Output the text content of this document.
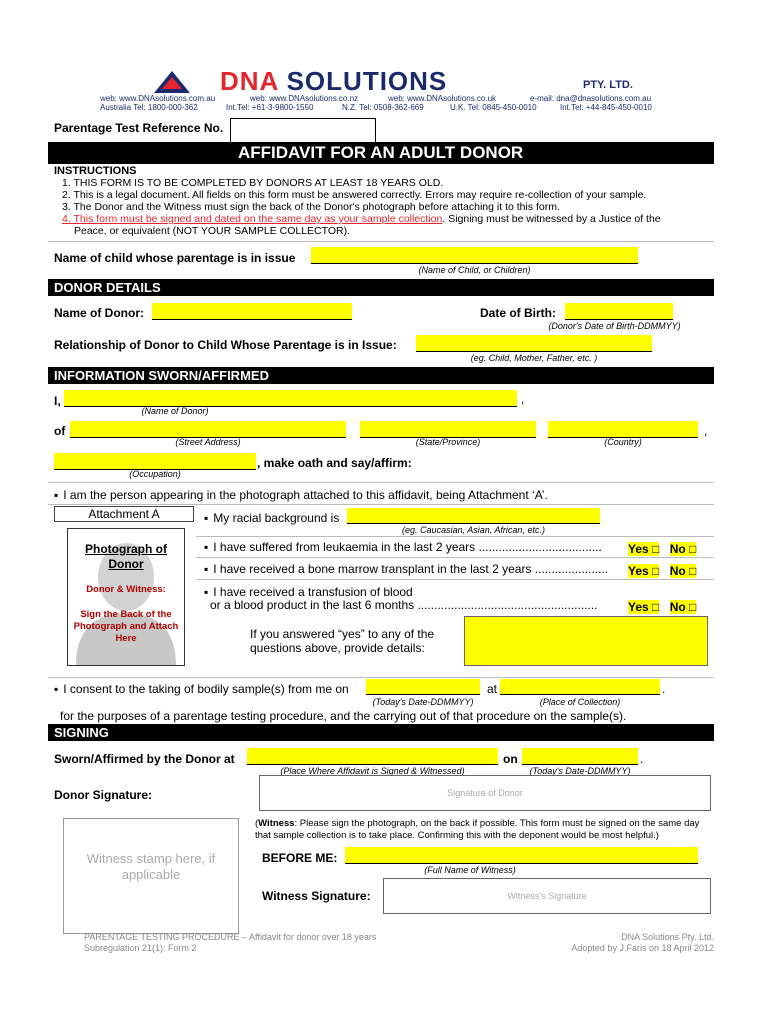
DNA SOLUTIONS	PTY. LTD.
web: www.DNAsolutions.com.au	web: www.DNAsolutions.co.nz	web: www.DNAsolutions.co.uk	e-mail: dna@dnasolutions.com.au
Australia Tel: 1800-000-362	Int.Tel: +61-3-9800-1550	N.Z. Tel: 0508-362-669	U.K. Tel: 0845-450-0010	Int.Tel: +44-845-450-0010
Parentage Test Reference No.
AFFIDAVIT FOR AN ADULT DONOR
INSTRUCTIONS
1. THIS FORM IS TO BE COMPLETED BY DONORS AT LEAST 18 YEARS OLD.
2. This is a legal document. All fields on this form must be answered correctly. Errors may require re-collection of your sample.
3. The Donor and the Witness must sign the back of the Donor's photograph before attaching it to this form.
4. This form must be signed and dated on the same day as your sample collection. Signing must be witnessed by a Justice of the
Peace, or equivalent (NOT YOUR SAMPLE COLLECTOR).
Name of child whose parentage is in issue
(Name of Child, or Children)
DONOR DETAILS
Name of Donor:	Date of Birth:
(Donor's Date of Birth-DDMMYY)
Relationship of Donor to Child Whose Parentage is in Issue:
(eg. Child, Mother, Father, etc. )
INFORMATION SWORN/AFFIRMED
I,	,
(Name of Donor)
of	,
(Street Address)	(State/Province)	(Country)
, make oath and say/affirm:
(Occupation)
▪ I am the person appearing in the photograph attached to this affidavit, being Attachment ‘A’.
Attachment A
Photograph of Donor
Donor & Witness:
Sign the Back of the Photograph and Attach Here
▪ My racial background is
(eg. Caucasian, Asian, African, etc.)
▪ I have suffered from leukaemia in the last 2 years ..................................... Yes □ No □
▪ I have received a bone marrow transplant in the last 2 years ...................... Yes □ No □
▪ I have received a transfusion of blood
or a blood product in the last 6 months ......................................................	Yes □ No □
If you answered “yes” to any of the questions above, provide details:
▪ I consent to the taking of bodily sample(s) from me on	at	.
(Today's Date-DDMMYY)	(Place of Collection)
for the purposes of a parentage testing procedure, and the carrying out of that procedure on the sample(s).
SIGNING
Sworn/Affirmed by the Donor at	on	.
(Place Where Affidavit is Signed & Witnessed)	(Today's Date-DDMMYY)
Donor Signature:	Signature of Donor
Witness stamp here, if applicable
(Witness: Please sign the photograph, on the back if possible. This form must be signed on the same day that sample collection is to take place. Confirming this with the deponent would be most helpful.)
BEFORE ME:
(Full Name of Witness)
Witness Signature:	Witness's Signature
PARENTAGE TESTING PROCEDURE – Affidavit for donor over 18 years
Subregulation 21(1): Form 2
DNA Solutions Pty. Ltd.
Adopted by J.Faris on 18 April 2012
